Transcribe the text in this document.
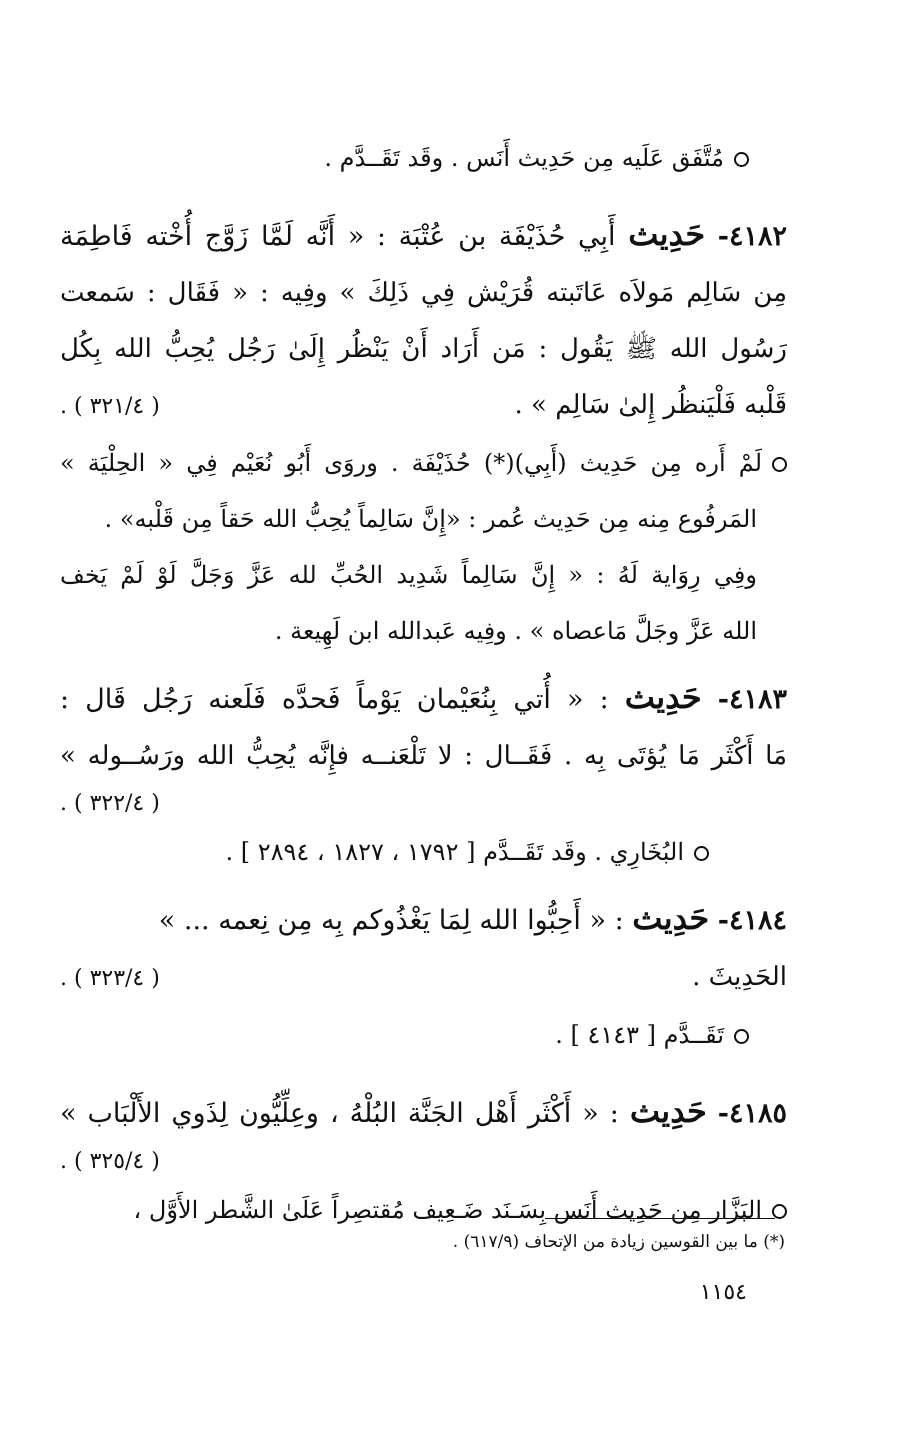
مُتَّفَق عَلَيه مِن حَدِيث أَنَس . وقَد تَقَــدَّم .
٤١٨٢- حَدِيث أَبِي حُذَيْفَة بن عُتْبَة : « أَنَّه لَمَّا زَوَّج أُخْته فَاطِمَة
مِن سَالِم مَولاَه عَاتَبته قُرَيْش فِي ذَلِكَ » وفِيه : « فَقَال : سَمعت
رَسُول الله ﷺ يَقُول : مَن أَرَاد أَنْ يَنْظُر إِلَىٰ رَجُل يُحِبُّ الله بِكُل
قَلْبه فَلْيَنظُر إِلىٰ سَالِم » .
( ٣٢١/٤ ) .
لَمْ أَره مِن حَدِيث (أَبِي)(*) حُذَيْفَة . وروَى أَبُو نُعَيْم فِي « الحِلْيَة »
المَرفُوع مِنه مِن حَدِيث عُمر : «إِنَّ سَالِماً يُحِبُّ الله حَقاً مِن قَلْبه» .
وفِي رِوَاية لَهُ : « إِنَّ سَالِماً شَدِيد الحُبِّ لله عَزَّ وَجَلَّ لَوْ لَمْ يَخف
الله عَزَّ وجَلَّ مَاعصاه » . وفِيه عَبدالله ابن لَهِيعة .
٤١٨٣- حَدِيث : « أُتي بِنُعَيْمان يَوْماً فَحدَّه فَلَعنه رَجُل قَال :
مَا أَكْثَر مَا يُؤتَى بِه . فَقَــال : لا تَلْعَنــه فإِنَّه يُحِبُّ الله ورَسُــوله »
( ٣٢٢/٤ ) .
البُخَارِي . وقَد تَقَــدَّم [ ١٧٩٢ ، ١٨٢٧ ، ٢٨٩٤ ] .
٤١٨٤- حَدِيث : « أَحِبُّوا الله لِمَا يَغْذُوكم بِه مِن نِعمه ... »
الحَدِيثَ .
( ٣٢٣/٤ ) .
تَقَــدَّم [ ٤١٤٣ ] .
٤١٨٥- حَدِيث : « أَكْثَر أَهْل الجَنَّة البُلْهُ ، وعِلِّيُّون لِذَوي الأَلْبَاب »
( ٣٢٥/٤ ) .
البَزَّار مِن حَدِيث أَنَس بِسَـنَد ضَـعِيف مُقتصِراً عَلَىٰ الشَّطر الأَوَّل ،
(*) ما بين القوسين زيادة من الإتحاف (٦١٧/٩) .
١١٥٤
